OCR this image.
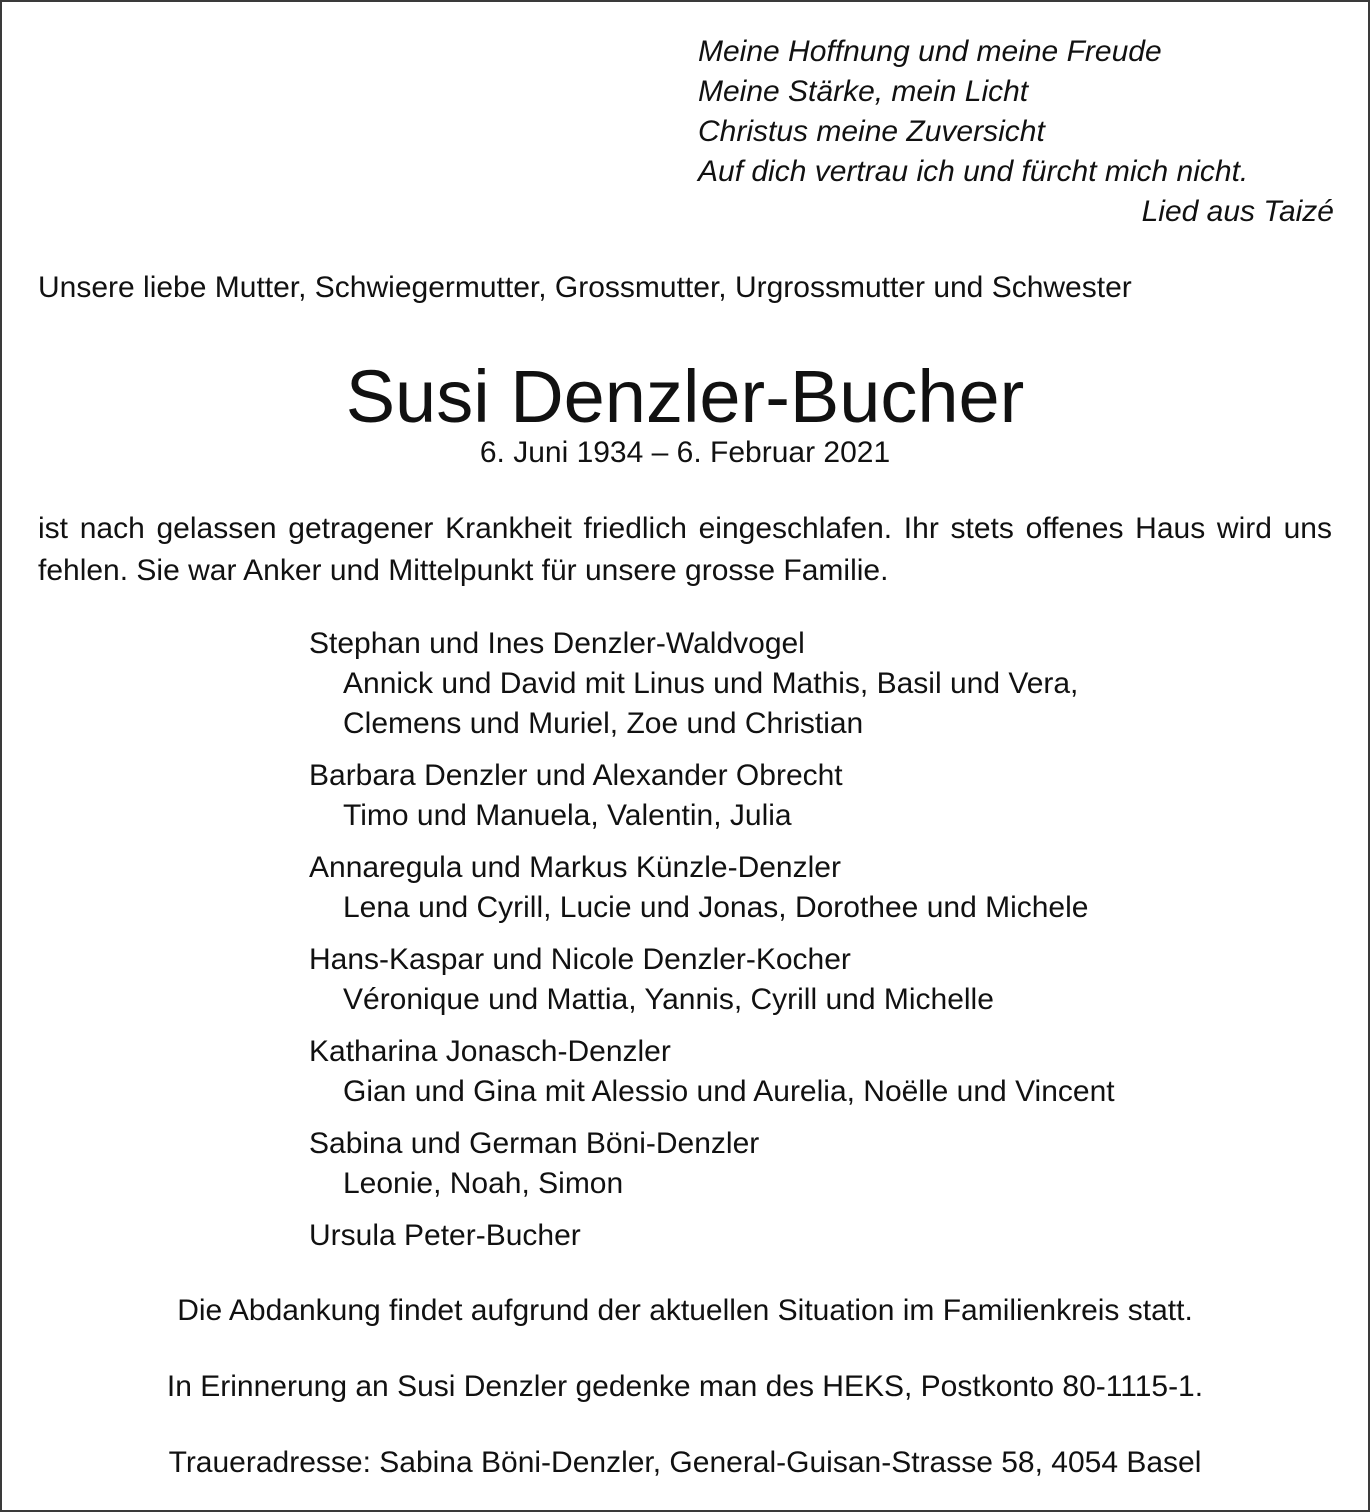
Meine Hoffnung und meine Freude
Meine Stärke, mein Licht
Christus meine Zuversicht
Auf dich vertrau ich und fürcht mich nicht.
Lied aus Taizé
Unsere liebe Mutter, Schwiegermutter, Grossmutter, Urgrossmutter und Schwester
Susi Denzler-Bucher
6. Juni 1934 – 6. Februar 2021
ist nach gelassen getragener Krankheit friedlich eingeschlafen. Ihr stets offenes Haus wird uns fehlen. Sie war Anker und Mittelpunkt für unsere grosse Familie.
Stephan und Ines Denzler-Waldvogel
Annick und David mit Linus und Mathis, Basil und Vera,
Clemens und Muriel, Zoe und Christian
Barbara Denzler und Alexander Obrecht
Timo und Manuela, Valentin, Julia
Annaregula und Markus Künzle-Denzler
Lena und Cyrill, Lucie und Jonas, Dorothee und Michele
Hans-Kaspar und Nicole Denzler-Kocher
Véronique und Mattia, Yannis, Cyrill und Michelle
Katharina Jonasch-Denzler
Gian und Gina mit Alessio und Aurelia, Noëlle und Vincent
Sabina und German Böni-Denzler
Leonie, Noah, Simon
Ursula Peter-Bucher
Die Abdankung findet aufgrund der aktuellen Situation im Familienkreis statt.
In Erinnerung an Susi Denzler gedenke man des HEKS, Postkonto 80-1115-1.
Traueradresse: Sabina Böni-Denzler, General-Guisan-Strasse 58, 4054 Basel
